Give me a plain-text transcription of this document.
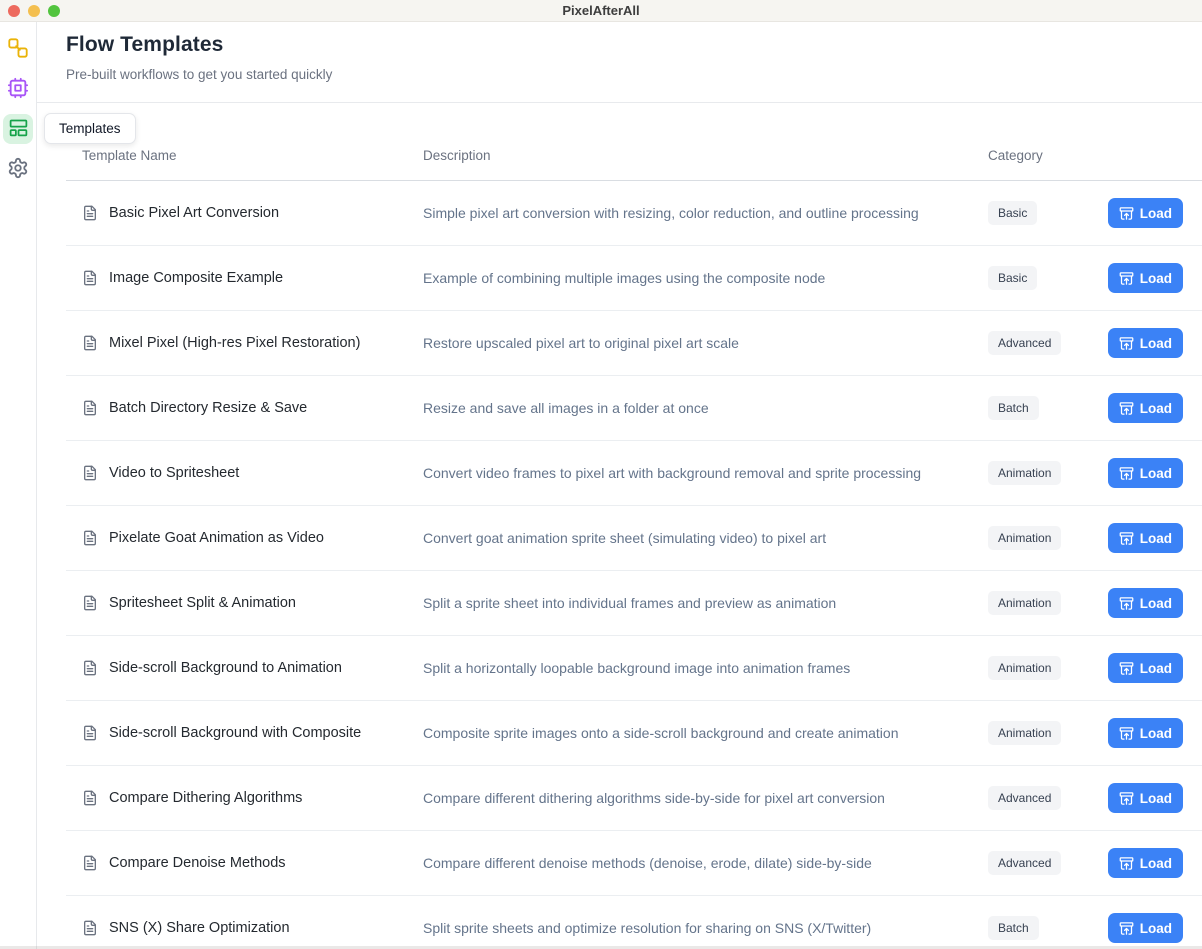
PixelAfterAll
Flow Templates
Pre-built workflows to get you started quickly
Template Name	Description	Category
Basic Pixel Art Conversion	Simple pixel art conversion with resizing, color reduction, and outline processing	Basic	Load
Image Composite Example	Example of combining multiple images using the composite node	Basic	Load
Mixel Pixel (High-res Pixel Restoration)	Restore upscaled pixel art to original pixel art scale	Advanced	Load
Batch Directory Resize & Save	Resize and save all images in a folder at once	Batch	Load
Video to Spritesheet	Convert video frames to pixel art with background removal and sprite processing	Animation	Load
Pixelate Goat Animation as Video	Convert goat animation sprite sheet (simulating video) to pixel art	Animation	Load
Spritesheet Split & Animation	Split a sprite sheet into individual frames and preview as animation	Animation	Load
Side-scroll Background to Animation	Split a horizontally loopable background image into animation frames	Animation	Load
Side-scroll Background with Composite	Composite sprite images onto a side-scroll background and create animation	Animation	Load
Compare Dithering Algorithms	Compare different dithering algorithms side-by-side for pixel art conversion	Advanced	Load
Compare Denoise Methods	Compare different denoise methods (denoise, erode, dilate) side-by-side	Advanced	Load
SNS (X) Share Optimization	Split sprite sheets and optimize resolution for sharing on SNS (X/Twitter)	Batch	Load
Templates
